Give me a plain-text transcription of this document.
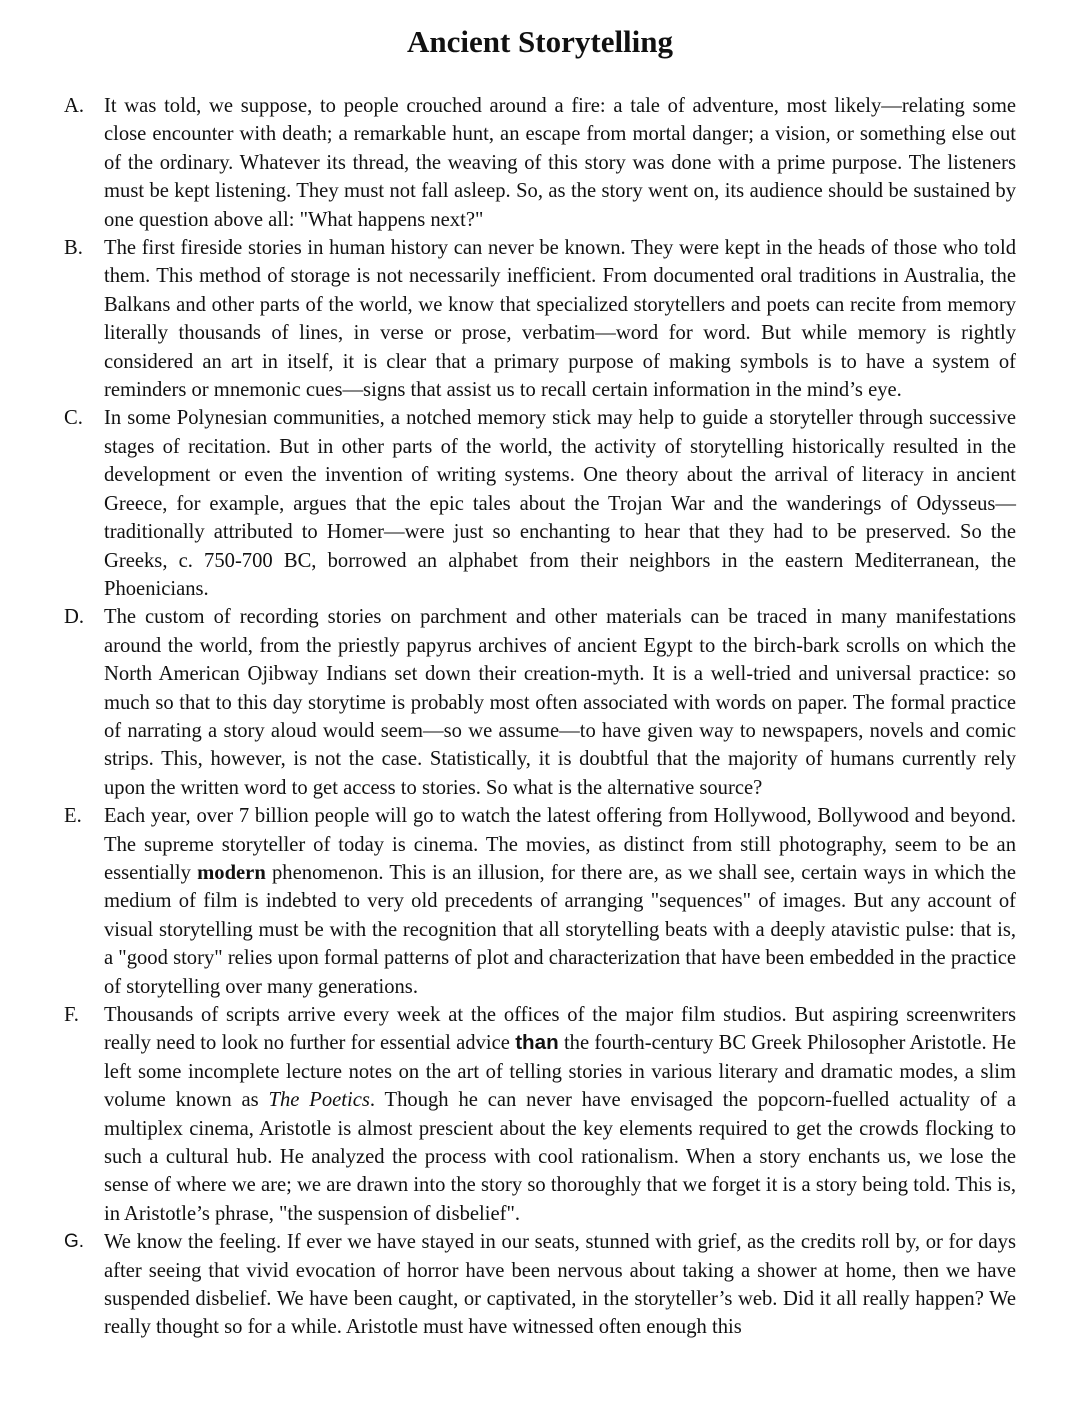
Ancient Storytelling
A. It was told, we suppose, to people crouched around a fire: a tale of adventure, most likely—relating some close encounter with death; a remarkable hunt, an escape from mortal danger; a vision, or something else out of the ordinary. Whatever its thread, the weaving of this story was done with a prime purpose. The listeners must be kept listening. They must not fall asleep. So, as the story went on, its audience should be sustained by one question above all: "What happens next?"
B.	The first fireside stories in human history can never be known. They were kept in the heads of those who told them. This method of storage is not necessarily inefficient. From documented oral traditions in Australia, the Balkans and other parts of the world, we know that specialized storytellers and poets can recite from memory literally thousands of lines, in verse or prose, verbatim—word for word. But while memory is rightly considered an art in itself, it is clear that a primary purpose of making symbols is to have a system of reminders or mnemonic cues—signs that assist us to recall certain information in the mind’s eye.
C.	In some Polynesian communities, a notched memory stick may help to guide a storyteller through successive stages of recitation. But in other parts of the world, the activity of storytelling historically resulted in the development or even the invention of writing systems. One theory about the arrival of literacy in ancient Greece, for example, argues that the epic tales about the Trojan War and the wanderings of Odysseus—traditionally attributed to Homer—were just so enchanting to hear that they had to be preserved. So the Greeks, c. 750-700 BC, borrowed an alphabet from their neighbors in the eastern Mediterranean, the Phoenicians.
D. The custom of recording stories on parchment and other materials can be traced in many manifestations around the world, from the priestly papyrus archives of ancient Egypt to the birch-bark scrolls on which the North American Ojibway Indians set down their creation-myth. It is a well-tried and universal practice: so much so that to this day storytime is probably most often associated with words on paper. The formal practice of narrating a story aloud would seem—so we assume—to have given way to newspapers, novels and comic strips. This, however, is not the case. Statistically, it is doubtful that the majority of humans currently rely upon the written word to get access to stories. So what is the alternative source?
E.	Each year, over 7 billion people will go to watch the latest offering from Hollywood, Bollywood and beyond. The supreme storyteller of today is cinema. The movies, as distinct from still photography, seem to be an essentially modern phenomenon. This is an illusion, for there are, as we shall see, certain ways in which the medium of film is indebted to very old precedents of arranging "sequences" of images. But any account of visual storytelling must be with the recognition that all storytelling beats with a deeply atavistic pulse: that is, a "good story" relies upon formal patterns of plot and characterization that have been embedded in the practice of storytelling over many generations.
F.	Thousands of scripts arrive every week at the offices of the major film studios. But aspiring screenwriters really need to look no further for essential advice than the fourth-century BC Greek Philosopher Aristotle. He left some incomplete lecture notes on the art of telling stories in various literary and dramatic modes, a slim volume known as The Poetics. Though he can never have envisaged the popcorn-fuelled actuality of a multiplex cinema, Aristotle is almost prescient about the key elements required to get the crowds flocking to such a cultural hub. He analyzed the process with cool rationalism. When a story enchants us, we lose the sense of where we are; we are drawn into the story so thoroughly that we forget it is a story being told. This is, in Aristotle’s phrase, "the suspension of disbelief".
G. We know the feeling. If ever we have stayed in our seats, stunned with grief, as the credits roll by, or for days after seeing that vivid evocation of horror have been nervous about taking a shower at home, then we have suspended disbelief. We have been caught, or captivated, in the storyteller’s web. Did it all really happen? We really thought so for a while. Aristotle must have witnessed often enough this
